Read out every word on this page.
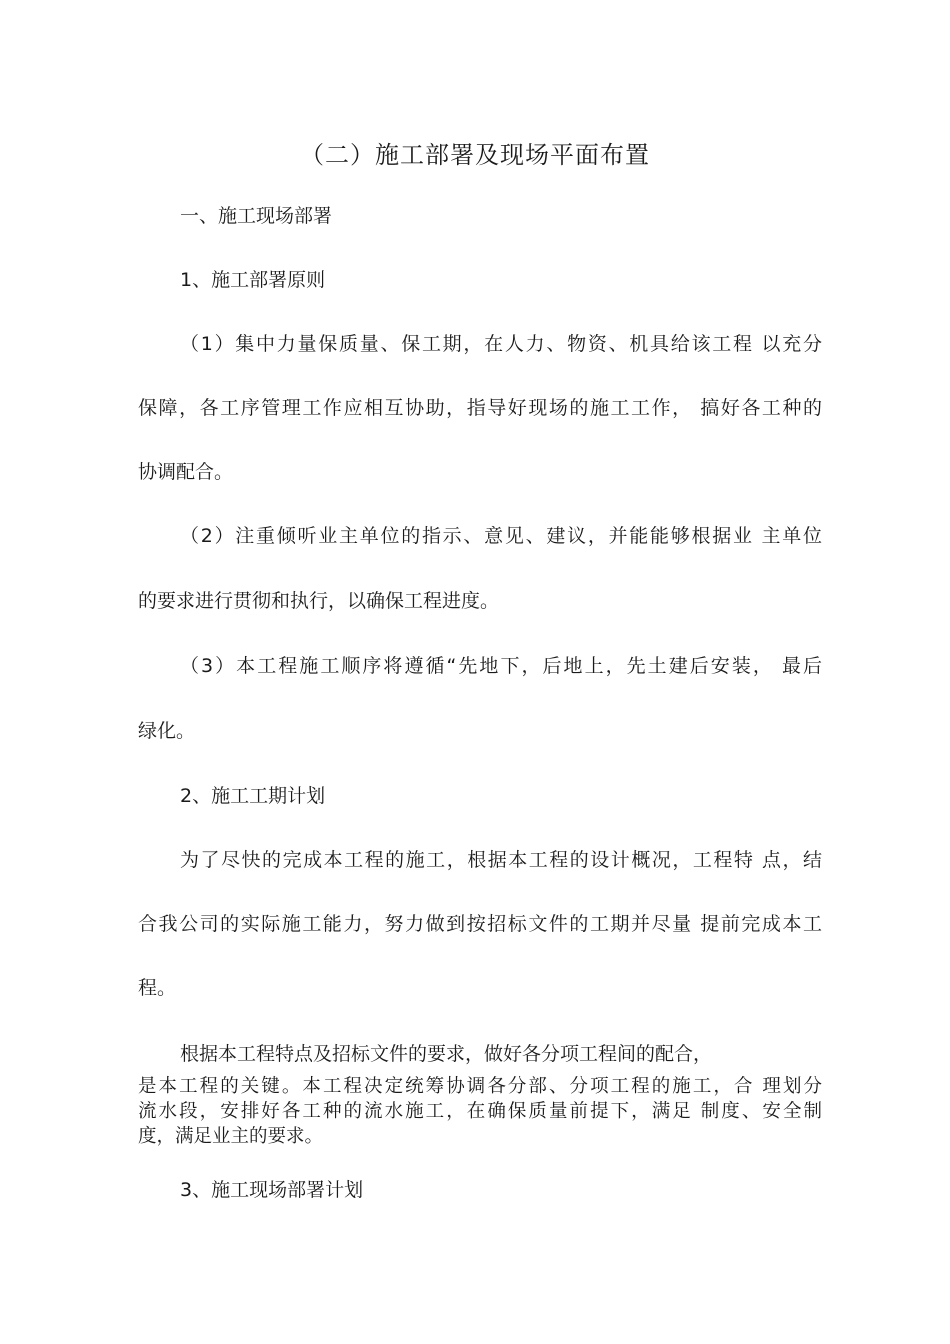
（二）施工部署及现场平面布置
一、施工现场部署
1、施工部署原则
（1）集中力量保质量、保工期，在人力、物资、机具给该工程 以充分
保障，各工序管理工作应相互协助，指导好现场的施工工作， 搞好各工种的
协调配合。
（2）注重倾听业主单位的指示、意见、建议，并能能够根据业 主单位
的要求进行贯彻和执行，以确保工程进度。
（3）本工程施工顺序将遵循“先地下，后地上，先土建后安装， 最后
绿化。
2、施工工期计划
为了尽快的完成本工程的施工，根据本工程的设计概况，工程特 点，结
合我公司的实际施工能力，努力做到按招标文件的工期并尽量 提前完成本工
程。
根据本工程特点及招标文件的要求，做好各分项工程间的配合，
是本工程的关键。本工程决定统筹协调各分部、分项工程的施工，合 理划分
流水段，安排好各工种的流水施工，在确保质量前提下，满足 制度、安全制
度，满足业主的要求。
3、施工现场部署计划
